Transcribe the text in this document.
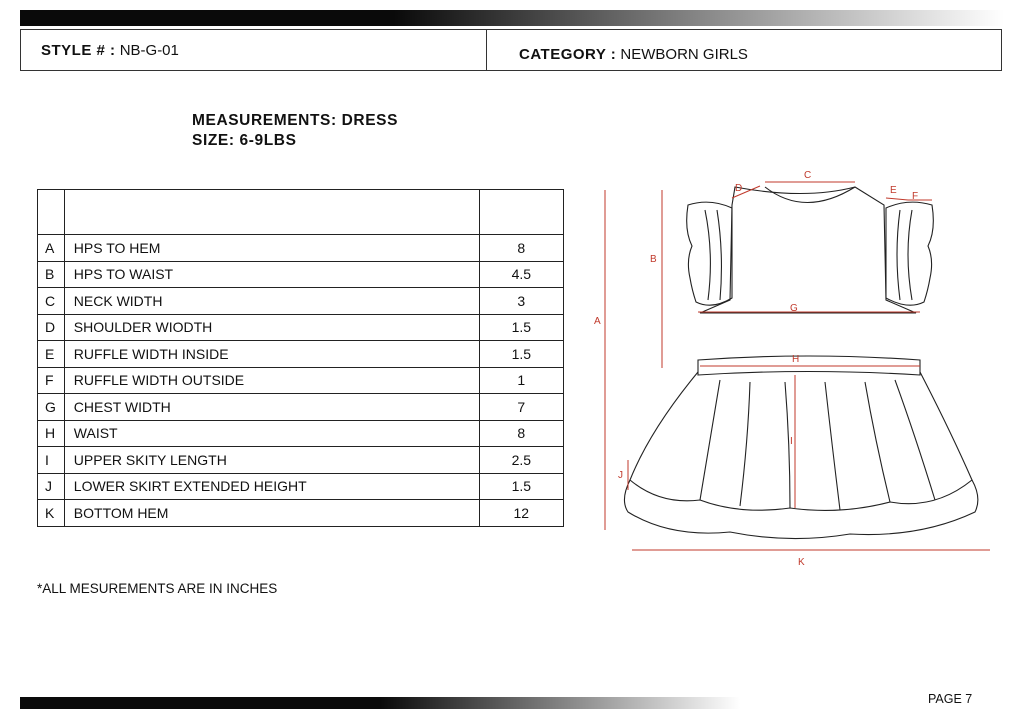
STYLE # : NB-G-01	CATEGORY : NEWBORN GIRLS
MEASUREMENTS: DRESS
SIZE: 6-9LBS

A	HPS TO HEM	8
B	HPS TO WAIST	4.5
C	NECK WIDTH	3
D	SHOULDER WIODTH	1.5
E	RUFFLE WIDTH INSIDE	1.5
F	RUFFLE WIDTH OUTSIDE	1
G	CHEST WIDTH	7
H	WAIST	8
I	UPPER SKITY LENGTH	2.5
J	LOWER SKIRT EXTENDED HEIGHT	1.5
K	BOTTOM HEM	12
A
B
C
D	E
F
G
H
I
J
K
*ALL MESUREMENTS ARE IN INCHES
PAGE 7
